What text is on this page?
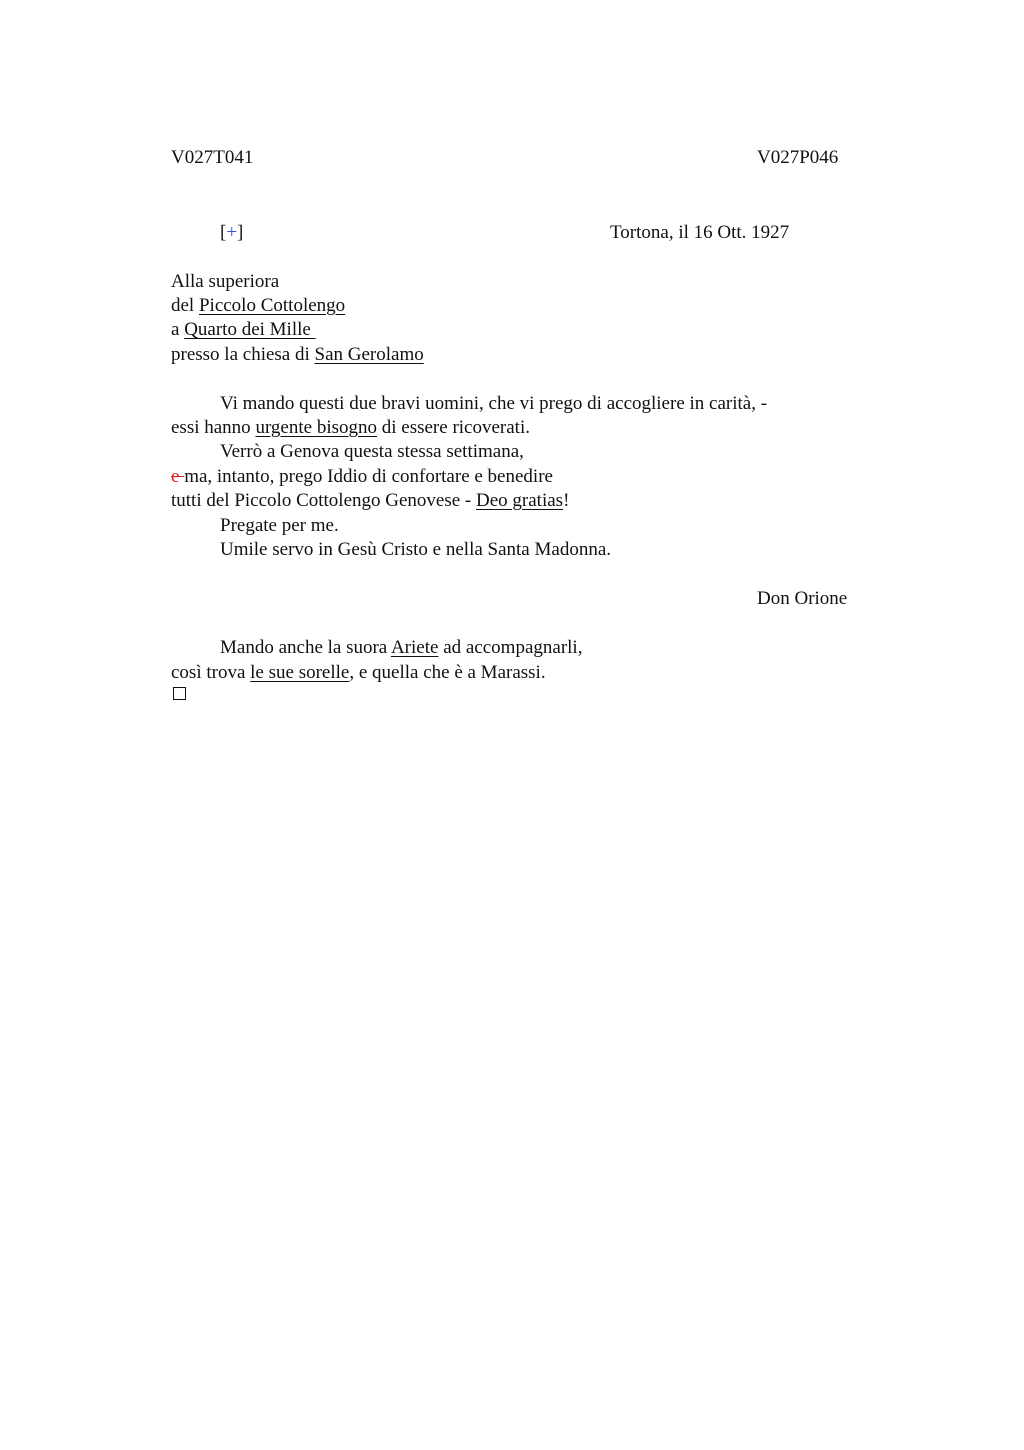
V027T041	V027P046
[+]	Tortona, il 16 Ott. 1927
Alla superiora
del Piccolo Cottolengo
a Quarto dei Mille
presso la chiesa di San Gerolamo
Vi mando questi due bravi uomini, che vi prego di accogliere in carità, -
essi hanno urgente bisogno di essere ricoverati.
Verrò a Genova questa stessa settimana,
e ma, intanto, prego Iddio di confortare e benedire
tutti del Piccolo Cottolengo Genovese - Deo gratias!
Pregate per me.
Umile servo in Gesù Cristo e nella Santa Madonna.
Don Orione
Mando anche la suora Ariete ad accompagnarli,
così trova le sue sorelle, e quella che è a Marassi.
